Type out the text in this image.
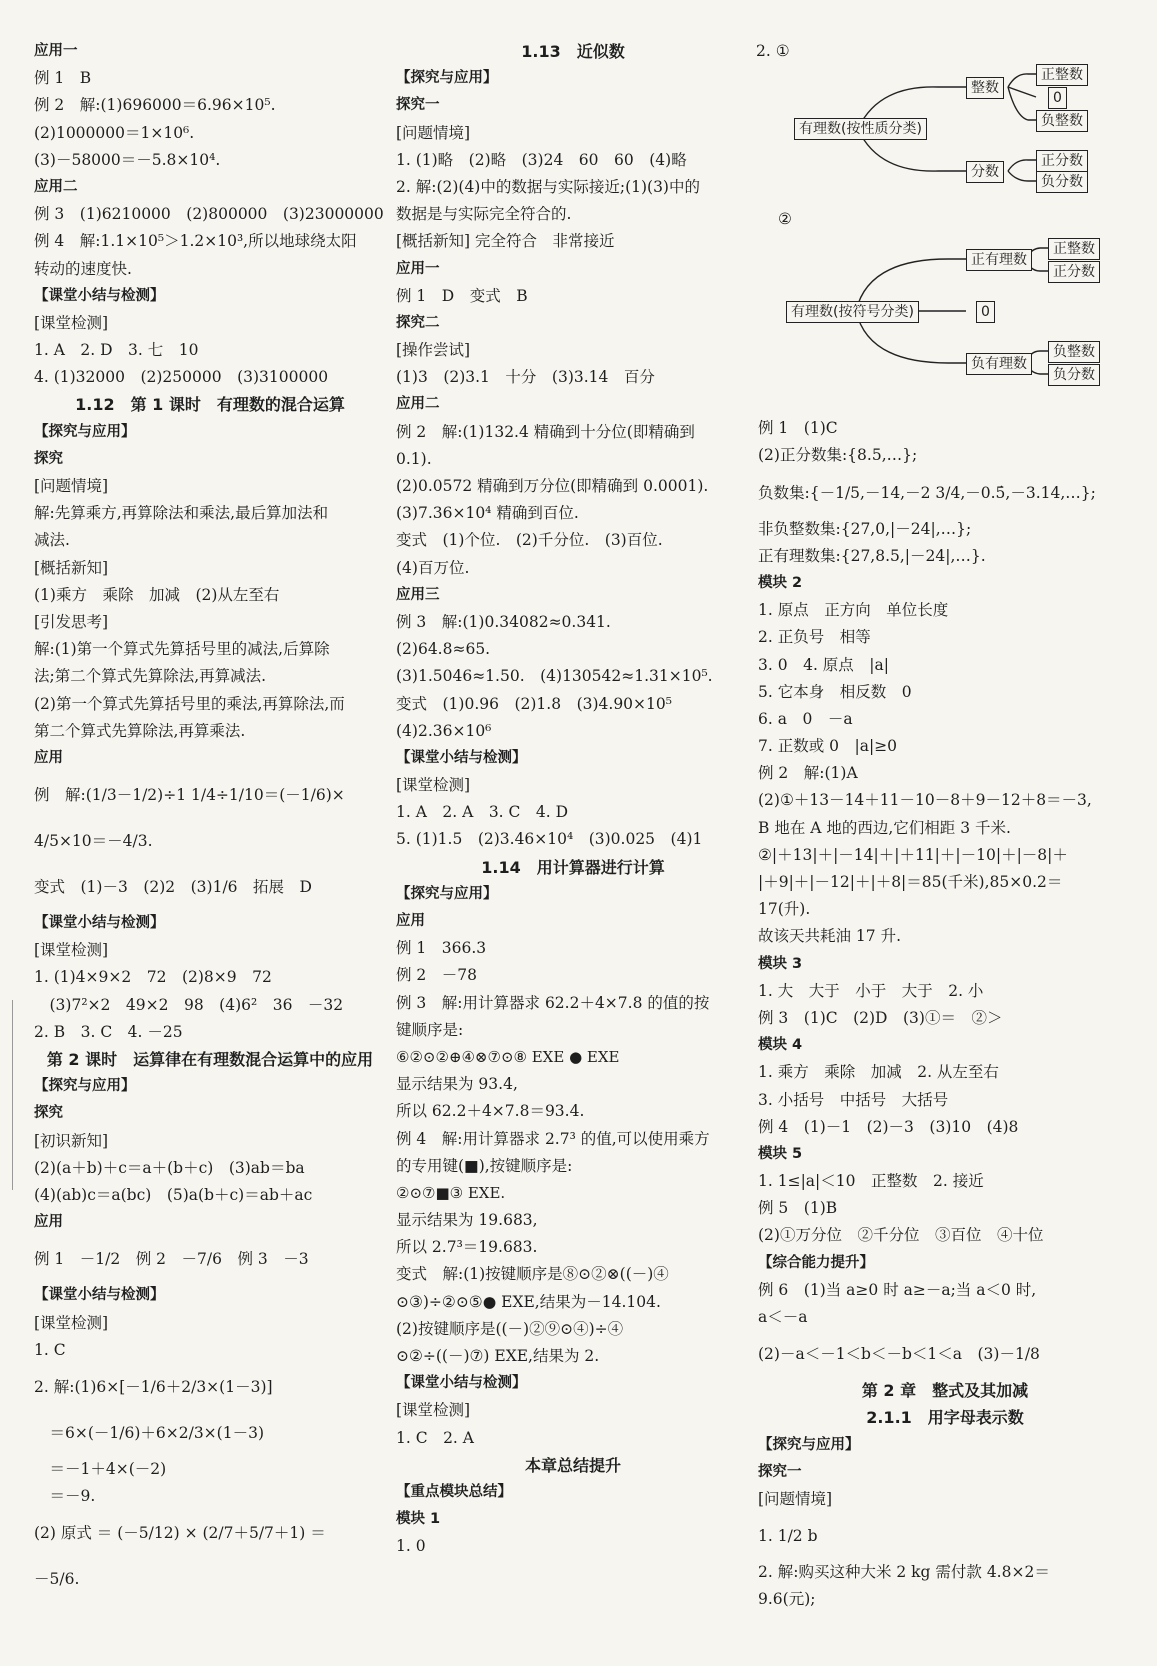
应用一
例 1　B
例 2　解:(1)696000＝6.96×10⁵.
(2)1000000＝1×10⁶.
(3)－58000＝－5.8×10⁴.
应用二
例 3　(1)6210000　(2)800000　(3)23000000
例 4　解:1.1×10⁵＞1.2×10³,所以地球绕太阳
转动的速度快.
【课堂小结与检测】
[课堂检测]
1. A　2. D　3. 七　10
4. (1)32000　(2)250000　(3)3100000
1.12　第 1 课时　有理数的混合运算
【探究与应用】
探究
[问题情境]
解:先算乘方,再算除法和乘法,最后算加法和
减法.
[概括新知]
(1)乘方　乘除　加减　(2)从左至右
[引发思考]
解:(1)第一个算式先算括号里的减法,后算除
法;第二个算式先算除法,再算减法.
(2)第一个算式先算括号里的乘法,再算除法,而
第二个算式先算除法,再算乘法.
应用
例　解:(1/3－1/2)÷1 1/4÷1/10＝(－1/6)×
4/5×10＝－4/3.
变式　(1)－3　(2)2　(3)1/6　拓展　D
【课堂小结与检测】
[课堂检测]
1. (1)4×9×2　72　(2)8×9　72
　(3)7²×2　49×2　98　(4)6²　36　－32
2. B　3. C　4. －25
第 2 课时　运算律在有理数混合运算中的应用
【探究与应用】
探究
[初识新知]
(2)(a＋b)＋c＝a＋(b＋c)　(3)ab＝ba
(4)(ab)c＝a(bc)　(5)a(b＋c)＝ab＋ac
应用
例 1　－1/2　例 2　－7/6　例 3　－3
【课堂小结与检测】
[课堂检测]
1. C
2. 解:(1)6×[－1/6＋2/3×(1－3)]
　＝6×(－1/6)＋6×2/3×(1－3)
　＝－1＋4×(－2)
　＝－9.
(2) 原式 ＝ (－5/12) × (2/7＋5/7＋1) ＝
－5/6.
1.13　近似数
【探究与应用】
探究一
[问题情境]
1. (1)略　(2)略　(3)24　60　60　(4)略
2. 解:(2)(4)中的数据与实际接近;(1)(3)中的
数据是与实际完全符合的.
[概括新知] 完全符合　非常接近
应用一
例 1　D　变式　B
探究二
[操作尝试]
(1)3　(2)3.1　十分　(3)3.14　百分
应用二
例 2　解:(1)132.4 精确到十分位(即精确到
0.1).
(2)0.0572 精确到万分位(即精确到 0.0001).
(3)7.36×10⁴ 精确到百位.
变式　(1)个位.　(2)千分位.　(3)百位.
(4)百万位.
应用三
例 3　解:(1)0.34082≈0.341.
(2)64.8≈65.
(3)1.5046≈1.50.　(4)130542≈1.31×10⁵.
变式　(1)0.96　(2)1.8　(3)4.90×10⁵
(4)2.36×10⁶
【课堂小结与检测】
[课堂检测]
1. A　2. A　3. C　4. D
5. (1)1.5　(2)3.46×10⁴　(3)0.025　(4)1
1.14　用计算器进行计算
【探究与应用】
应用
例 1　366.3
例 2　－78
例 3　解:用计算器求 62.2＋4×7.8 的值的按
键顺序是:
⑥②⊙②⊕④⊗⑦⊙⑧ EXE ● EXE
显示结果为 93.4,
所以 62.2＋4×7.8＝93.4.
例 4　解:用计算器求 2.7³ 的值,可以使用乘方
的专用键(■),按键顺序是:
②⊙⑦■③ EXE.
显示结果为 19.683,
所以 2.7³＝19.683.
变式　解:(1)按键顺序是⑧⊙②⊗((－)④
⊙③)÷②⊙⑤● EXE,结果为－14.104.
(2)按键顺序是((－)②⑨⊙④)÷④
⊙②÷((－)⑦) EXE,结果为 2.
【课堂小结与检测】
[课堂检测]
1. C　2. A
本章总结提升
【重点模块总结】
模块 1
1. 0
2. ①
有理数(按性质分类)
整数
分数
正整数
0
负整数
正分数
负分数
②
有理数(按符号分类)
正有理数
0
负有理数
正整数
正分数
负整数
负分数
例 1　(1)C
(2)正分数集:{8.5,…};
负数集:{－1/5,－14,－2 3/4,－0.5̇,－3.14,…};
非负整数集:{27,0,|－24|,…};
正有理数集:{27,8.5,|－24|,…}.
模块 2
1. 原点　正方向　单位长度
2. 正负号　相等
3. 0　4. 原点　|a|
5. 它本身　相反数　0
6. a　0　－a
7. 正数或 0　|a|≥0
例 2　解:(1)A
(2)①＋13－14＋11－10－8＋9－12＋8＝－3,
B 地在 A 地的西边,它们相距 3 千米.
②|＋13|＋|－14|＋|＋11|＋|－10|＋|－8|＋
|＋9|＋|－12|＋|＋8|＝85(千米),85×0.2＝
17(升).
故该天共耗油 17 升.
模块 3
1. 大　大于　小于　大于　2. 小
例 3　(1)C　(2)D　(3)①＝　②＞
模块 4
1. 乘方　乘除　加减　2. 从左至右
3. 小括号　中括号　大括号
例 4　(1)－1　(2)－3　(3)10　(4)8
模块 5
1. 1≤|a|＜10　正整数　2. 接近
例 5　(1)B
(2)①万分位　②千分位　③百位　④十位
【综合能力提升】
例 6　(1)当 a≥0 时 a≥－a;当 a＜0 时,
a＜－a
(2)－a＜－1＜b＜－b＜1＜a　(3)－1/8
第 2 章　整式及其加减
2.1.1　用字母表示数
【探究与应用】
探究一
[问题情境]
1. 1/2 b
2. 解:购买这种大米 2 kg 需付款 4.8×2＝
9.6(元);
